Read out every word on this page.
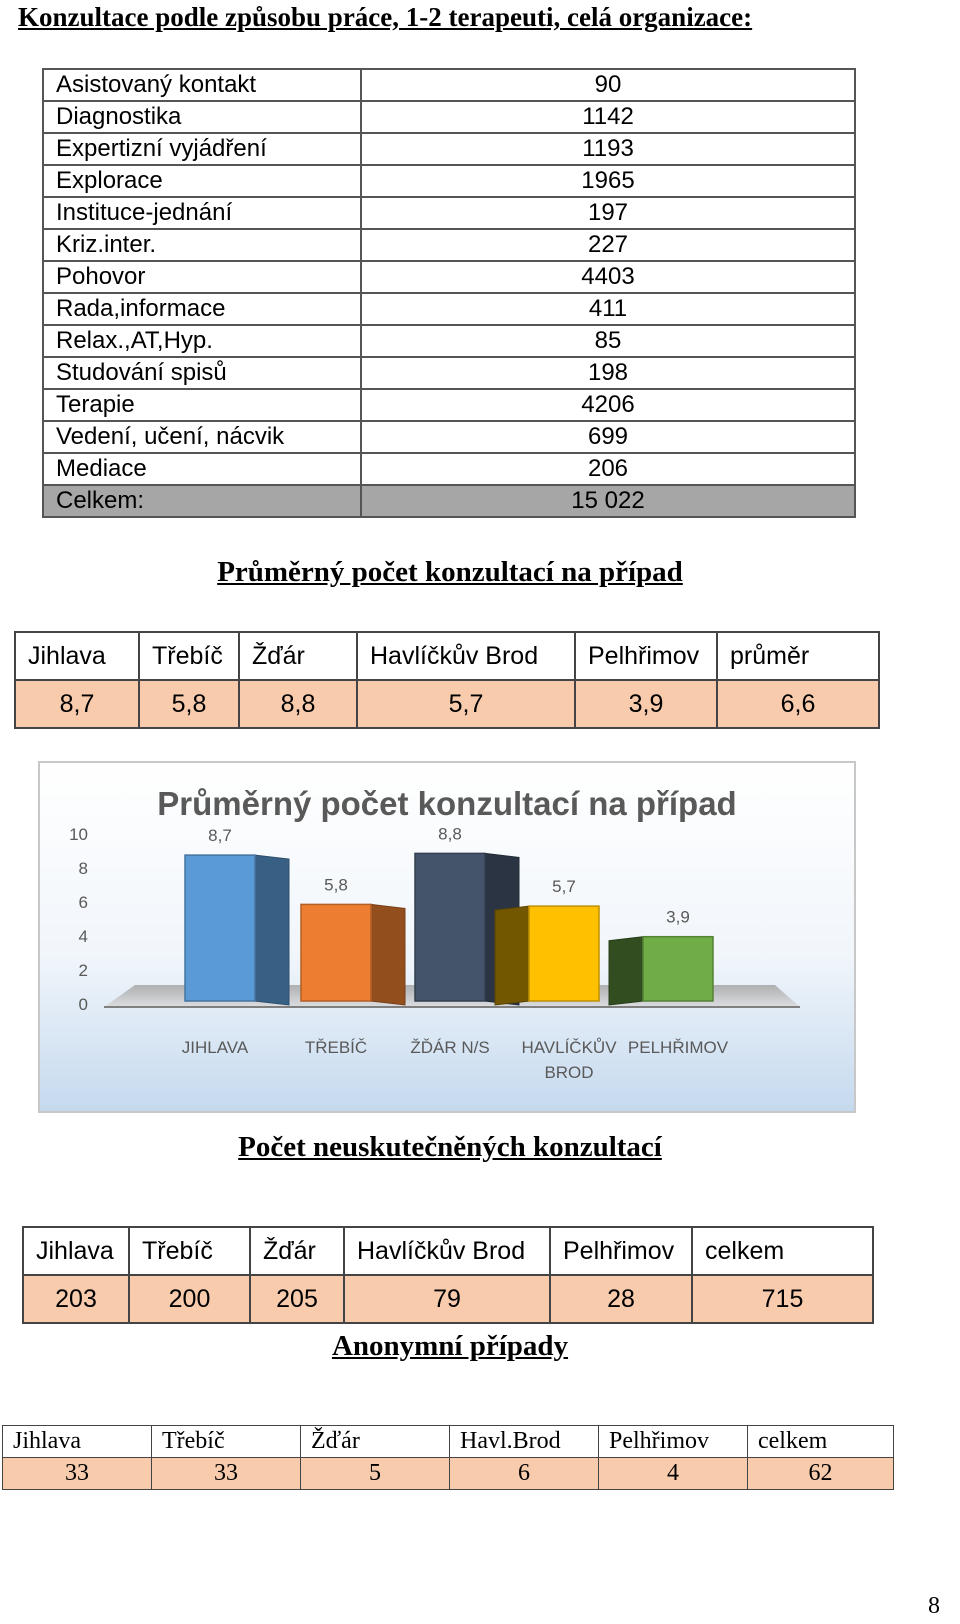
Konzultace podle způsobu práce, 1-2 terapeuti, celá organizace:
Asistovaný kontakt	90
Diagnostika	1142
Expertizní vyjádření	1193
Explorace	1965
Instituce-jednání	197
Kriz.inter.	227
Pohovor	4403
Rada,informace	411
Relax.,AT,Hyp.	85
Studování spisů	198
Terapie	4206
Vedení, učení, nácvik	699
Mediace	206
Celkem:	15 022
Průměrný počet konzultací na případ
Jihlava	Třebíč	Žďár	Havlíčkův Brod	Pelhřimov	průměr
8,7	5,8	8,8	5,7	3,9	6,6
Průměrný počet konzultací na případ
0
2
4
6
8
10	8,7
5,8
8,8
5,7
3,9
JIHLAVA	TŘEBÍČ	ŽĎÁR N/S HAVLÍČKŮV BROD
PELHŘIMOV
Počet neuskutečněných konzultací
Jihlava	Třebíč	Žďár	Havlíčkův Brod	Pelhřimov	celkem
203	200	205	79	28	715
Anonymní případy
Jihlava	Třebíč	Žďár	Havl.Brod	Pelhřimov	celkem
33	33	5	6	4	62
8
